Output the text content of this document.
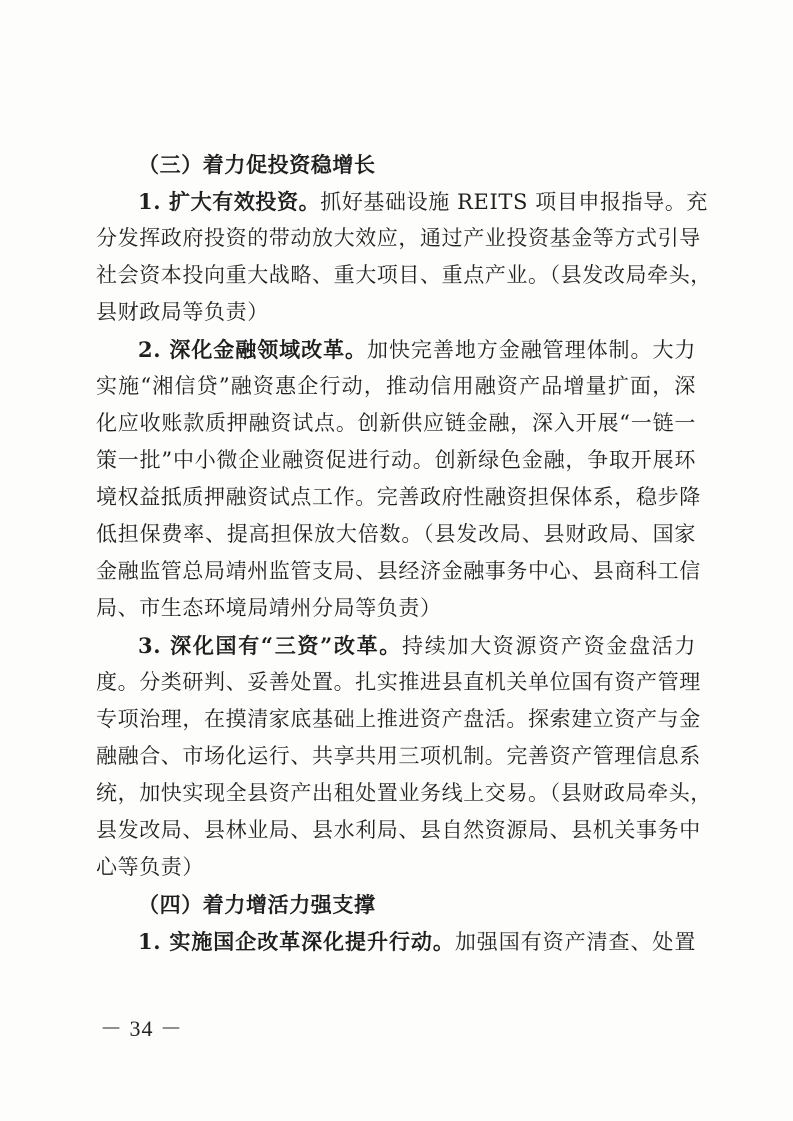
（三）着力促投资稳增长
1. 扩大有效投资。抓好基础设施 REITS 项目申报指导。充
分发挥政府投资的带动放大效应，通过产业投资基金等方式引导
社会资本投向重大战略、重大项目、重点产业。（县发改局牵头，
县财政局等负责）
2. 深化金融领域改革。加快完善地方金融管理体制。大力
实施“湘信贷”融资惠企行动，推动信用融资产品增量扩面，深
化应收账款质押融资试点。创新供应链金融，深入开展“一链一
策一批”中小微企业融资促进行动。创新绿色金融，争取开展环
境权益抵质押融资试点工作。完善政府性融资担保体系，稳步降
低担保费率、提高担保放大倍数。（县发改局、县财政局、国家
金融监管总局靖州监管支局、县经济金融事务中心、县商科工信
局、市生态环境局靖州分局等负责）
3. 深化国有“三资”改革。持续加大资源资产资金盘活力
度。分类研判、妥善处置。扎实推进县直机关单位国有资产管理
专项治理，在摸清家底基础上推进资产盘活。探索建立资产与金
融融合、市场化运行、共享共用三项机制。完善资产管理信息系
统，加快实现全县资产出租处置业务线上交易。（县财政局牵头，
县发改局、县林业局、县水利局、县自然资源局、县机关事务中
心等负责）
（四）着力增活力强支撑
1. 实施国企改革深化提升行动。加强国有资产清查、处置
－ 34 －
